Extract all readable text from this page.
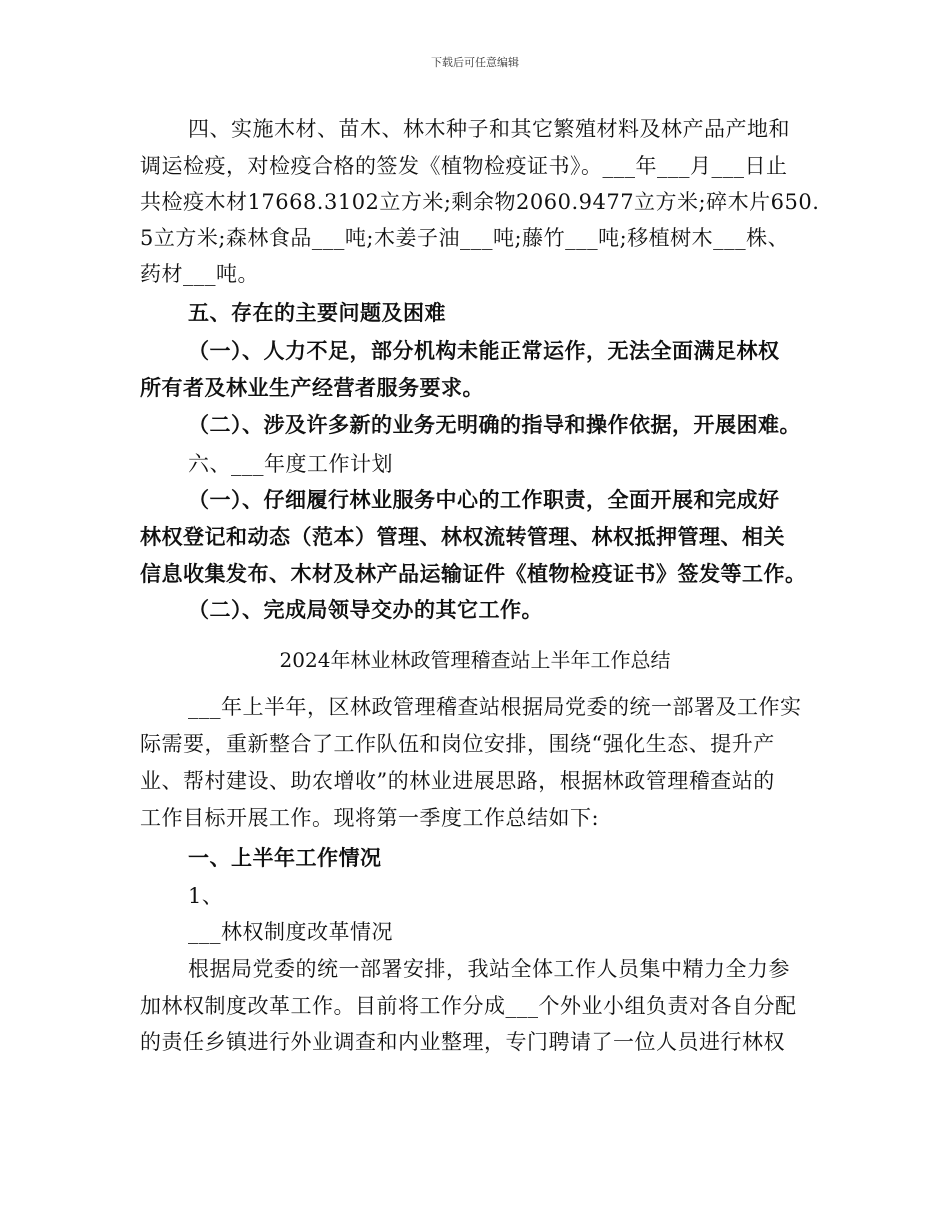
下载后可任意编辑
四、实施木材、苗木、林木种子和其它繁殖材料及林产品产地和
调运检疫，对检疫合格的签发《植物检疫证书》。___年___月___日止
共检疫木材17668.3102立方米;剩余物2060.9477立方米;碎木片650.
5立方米;森林食品___吨;木姜子油___吨;藤竹___吨;移植树木___株、
药材___吨。
五、存在的主要问题及困难
（一）、人力不足，部分机构未能正常运作，无法全面满足林权
所有者及林业生产经营者服务要求。
（二）、涉及许多新的业务无明确的指导和操作依据，开展困难。
六、___年度工作计划
（一）、仔细履行林业服务中心的工作职责，全面开展和完成好
林权登记和动态（范本）管理、林权流转管理、林权抵押管理、相关
信息收集发布、木材及林产品运输证件《植物检疫证书》签发等工作。
（二）、完成局领导交办的其它工作。
2024年林业林政管理稽查站上半年工作总结
___年上半年，区林政管理稽查站根据局党委的统一部署及工作实
际需要，重新整合了工作队伍和岗位安排，围绕“强化生态、提升产
业、帮村建设、助农增收”的林业进展思路，根据林政管理稽查站的
工作目标开展工作。现将第一季度工作总结如下:
一、上半年工作情况
1、
___林权制度改革情况
根据局党委的统一部署安排，我站全体工作人员集中精力全力参
加林权制度改革工作。目前将工作分成___个外业小组负责对各自分配
的责任乡镇进行外业调查和内业整理，专门聘请了一位人员进行林权
